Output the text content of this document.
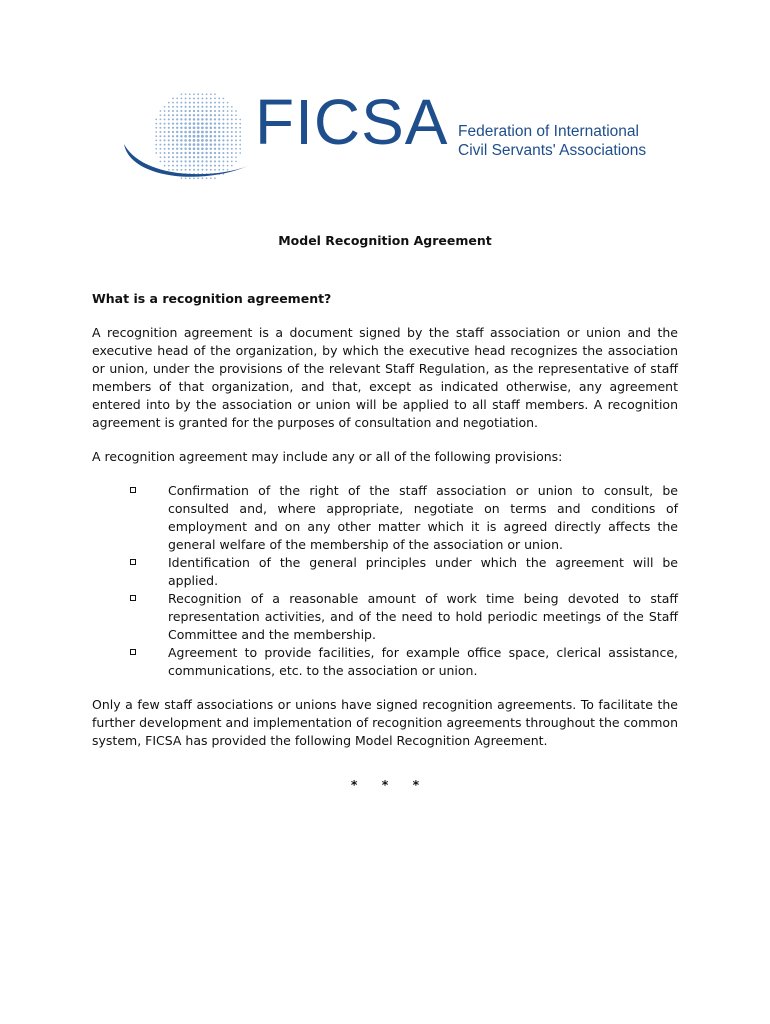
FICSA Federation of International
Civil Servants' Associations
Model Recognition Agreement
What is a recognition agreement?
A recognition agreement is a document signed by the staff association or union and the executive head of the organization, by which the executive head recognizes the association or union, under the provisions of the relevant Staff Regulation, as the representative of staff members of that organization, and that, except as indicated otherwise, any agreement entered into by the association or union will be applied to all staff members. A recognition agreement is granted for the purposes of consultation and negotiation.
A recognition agreement may include any or all of the following provisions:
Confirmation of the right of the staff association or union to consult, be consulted and, where appropriate, negotiate on terms and conditions of employment and on any other matter which it is agreed directly affects the general welfare of the membership of the association or union.
Identification of the general principles under which the agreement will be applied.
Recognition of a reasonable amount of work time being devoted to staff representation activities, and of the need to hold periodic meetings of the Staff Committee and the membership.
Agreement to provide facilities, for example office space, clerical assistance, communications, etc. to the association or union.
Only a few staff associations or unions have signed recognition agreements. To facilitate the further development and implementation of recognition agreements throughout the common system, FICSA has provided the following Model Recognition Agreement.
* * *
